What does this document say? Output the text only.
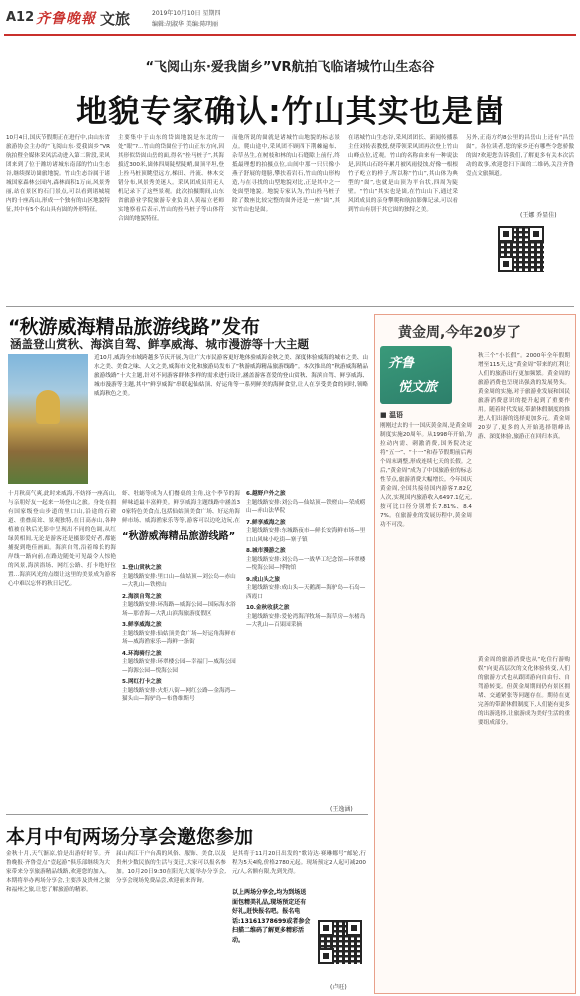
A12 齐鲁晚報 文旅	2019年10月10日 星期四
编辑:胡淑华 美编:陈明丽
“飞阅山东·爱我崮乡”VR航拍飞临诸城竹山生态谷
地貌专家确认:竹山其实也是崮
10月4日,国庆节假期正在进行中,由山东省旅游协会主办的“飞阅山东·爱我崮乡”VR航拍暨全媒体采风活动进入第二阶段,采风团来到了位于潍坊诸城东南部的竹山生态谷,继续探访崮旅地貌。竹山生态谷属于诸城国家森林公园内,森林面积1万亩,风景秀丽,站在景区的石门景点,可以看到诸城境内的十座高山,形成一个独有的山区地貌特征,其中有5个名山具有崮的外形特征。
主要集中于山东的岱崮地貌是东北的一处“眼”?…竹山的岱崮位于竹山正东方向,因其形似岱崮山岳的面,得名“拴马桩子”,其海拔近300米,崮体四周陡壁陡峭,崮顶平坦,登上拴马桩顶眺望远方,梯田、丹流、林木交错分布,风景秀美迷人。采风团成员用无人机记录下了这些景观。此次拍摄期间,山东省旅游业学院旅游专业负责人黄福立老师实地察看后表示,竹山的拴马桩子等山体符合崮的地貌特征。
而他所说的崮就是诸城竹山地貌的标志景点。爬山途中,采风团不顾四下荆棘遍布、杂草丛生,在树枝和林的山石缝隙上前行,终抵最理想的拍摄点位,山间中那一只只像小燕子舒展的翅膀,攀扶着岩石,竹山的山形构造,与在寻找的山型地貌对比,正是其中之一处崮型地貌。地貌专家认为,竹山拴马桩子除了数座比较完整的崮外还是一座“崮”,其实竹山也是崮。
在诸城竹山生态谷,采风团团长、新闻传播系主任刘传表教授,便带领采风团再次登上竹山山峰点位,近观。竹山的名称由来有一种说法是,因其山石经年累月被风雨侵蚀,好像一根根竹子屹立的样子,所以称“竹山”,其山体为典型的“崮”,也就是山顶为平台状,四周为陡壁。“竹山”其实也是崮,在竹山山下,通过采风团成员的亲身攀爬和航拍影像记录,可以看到竹山有别于其它崮的独特之美。
另外,正南方约8公里的昌岳山上还有“昌岳崮”。各位读者,您的家乡还有哪些令您骄傲的崮?欢迎您告诉我们,了解更多有关本次活动的故事,欢迎您扫下面的二维码,关注齐鲁壹点文旅频道。
(王娜 乔显佳)
“秋游威海精品旅游线路”发布
涵盖登山赏秋、海滨自驾、鲜享威海、城市漫游等十大主题
近10月,威海全市域跨越多节庆开展,为让广大市民游客更好地体验威海金秋之美、深度体验威海的城市之美、山水之美、美食之味、人文之美,威海市文化和旅游局发布了“秋游威海精品旅游线路”。本次推出的“秋游威海精品旅游线路”十大主题,针对不同游客群体多样的需求进行设计,涵盖游客喜爱的登山赏秋、海滨自驾、鲜享威海、城市漫游等主题,其中“鲜享威海”串联起仙姑顶、好运角等一系列鲜美的海鲜食堂,让人在享受美食的同时,领略威海秋色之美。
十月秋高气爽,此时来威海,不妨择一座高山,与亲朋好友一起来一场登山之旅。身处在拥有国家级登山步道的里口山,沿途的石磴道、重叠高耸、景观独特,在日高赤山,各种植被在秋后光影中呈现出不同的色调,从红绿黄相间,无论是游客还是摄影爱好者,都能捕捉到绝佳画面。海滨自驾,沿着绵长的海岸线一路向前,在路边随处可见最令人惊艳的风景,海滨浴场、网红公路、打卡绝好位置…海滨风光的点缀让这里的美景成为游客心中难以忘怀的秋日记忆。
虾、牡蛎等成为人们餐桌的主角,这个季节的海鲜味道最丰富鲜美。鲜享威海主题线路中涵盖30家特色美食点,包括仙姑顶美食广场、好运角海鲜市场、威海渔家乐等等,游客可以边吃边玩,在
“秋游威海精品旅游线路”
1.登山赏秋之旅
主题线路安排:里口山—仙姑顶—刘公岛—赤山—大乳山—铁槎山
2.海滨自驾之旅
主题线路安排:环海路—威海公园—国际海水浴场—那香海—大乳山滨海旅游度假区
3.鲜享威海之旅
主题线路安排:仙姑顶美食广场—好运角海鲜市场—威海渔家乐—海鲜一条街
4.环海骑行之旅
主题线路安排:环翠楼公园—幸福门—威海公园—海源公园—悦海公园
5.网红打卡之旅
主题线路安排:火炬八街—网红公路—金海湾—猫头山—海驴岛—布鲁维斯号
6.越野户外之旅
主题线路安排:刘公岛—仙姑顶—铁槎山—荣成崂山—赤山法华院
7.鲜享威海之旅
主题线路安排:东城路夜市—鲜长安海鲜市场—里口山风味小吃街—寨子镇
8.城市漫游之旅
主题线路安排:刘公岛—一战华工纪念馆—环翠楼—悦海公园—博物馆
9.成山头之旅
主题线路安排:成山头—天鹅湖—海驴岛—石岛—西霞口
10.金秋收获之旅
主题线路安排:爱伦湾海洋牧场—海草房—东楮岛—大乳山—百果园采摘
(王逸涵)
本月中旬两场分享会邀您参加
金秋十月,天气渐凉,恰是出游好时节。齐鲁晚报·齐鲁壹点“壹起游”俱乐部继续为大家带来分享旅游精品线路,欢迎您的加入。本期将举办两场分享会,主要涉及贵州之旅和福州之旅,让您了解旅游的精彩。
届山西江干户台禹的风俗、服饰、美食,以及贵州少数民族的生活与变迁,大家可以报名参加。10月20日9:30在阳光大厦举办分享会,分享会现场免费品尝,欢迎前来咨询。
是其将于11月20日出发的“歌诗达·赛琳娜号”邮轮,行程为5天4晚,价格2780元起。现场预定2人起可减200元/人,名额有限,先到先得。
以上两场分享会,均为到场送面包精美礼品,现场预定还有好礼,赶快报名吧。报名电话:13161378699或者参会扫描二维码了解更多精彩活动。
(卢旺)
黄金周,今年20岁了
齐鲁
悦文旅
■ 温语
刚刚过去的十一国庆黄金周,是黄金周制度实施20周年。从1998年开始,为拉动内需、刺激消费,国务院决定将“五一”、“十一”和春节假期前后两个周末调整,形成连续七天的长假。之后,“黄金周”成为了中国旅游业的标志性节点,旅游消费大幅增长。今年国庆黄金周,全国共接待国内游客7.82亿人次,实现国内旅游收入6497.1亿元,按可比口径分别增长7.81%、8.47%。在旅游业的发展历程中,黄金周功不可没。
秋三个“小长假”。2000年全年假期增至115天,这“黄金周”带来的红利让人们的旅游出行更加频繁。黄金周的旅游消费也呈现出强劲的发展势头。黄金周的实施,对于旅游业发展和国民旅游消费意识的提升起到了重要作用。随着时代发展,带薪休假制度的推进,人们出游的选择更加多元。黄金周20岁了,更多的人开始选择错峰出游、深度体验,旅游正在回归本真。
黄金周的旅游消费也从“吃住行游购娱”向更高层次的文化体验转变,人们的旅游方式也从跟团游向自由行、自驾游转变。但黄金周期间仍有景区拥堵、交通紧张等问题存在。期待在更完善的带薪休假制度下,人们能有更多的出游选择,让旅游成为美好生活的重要组成部分。
